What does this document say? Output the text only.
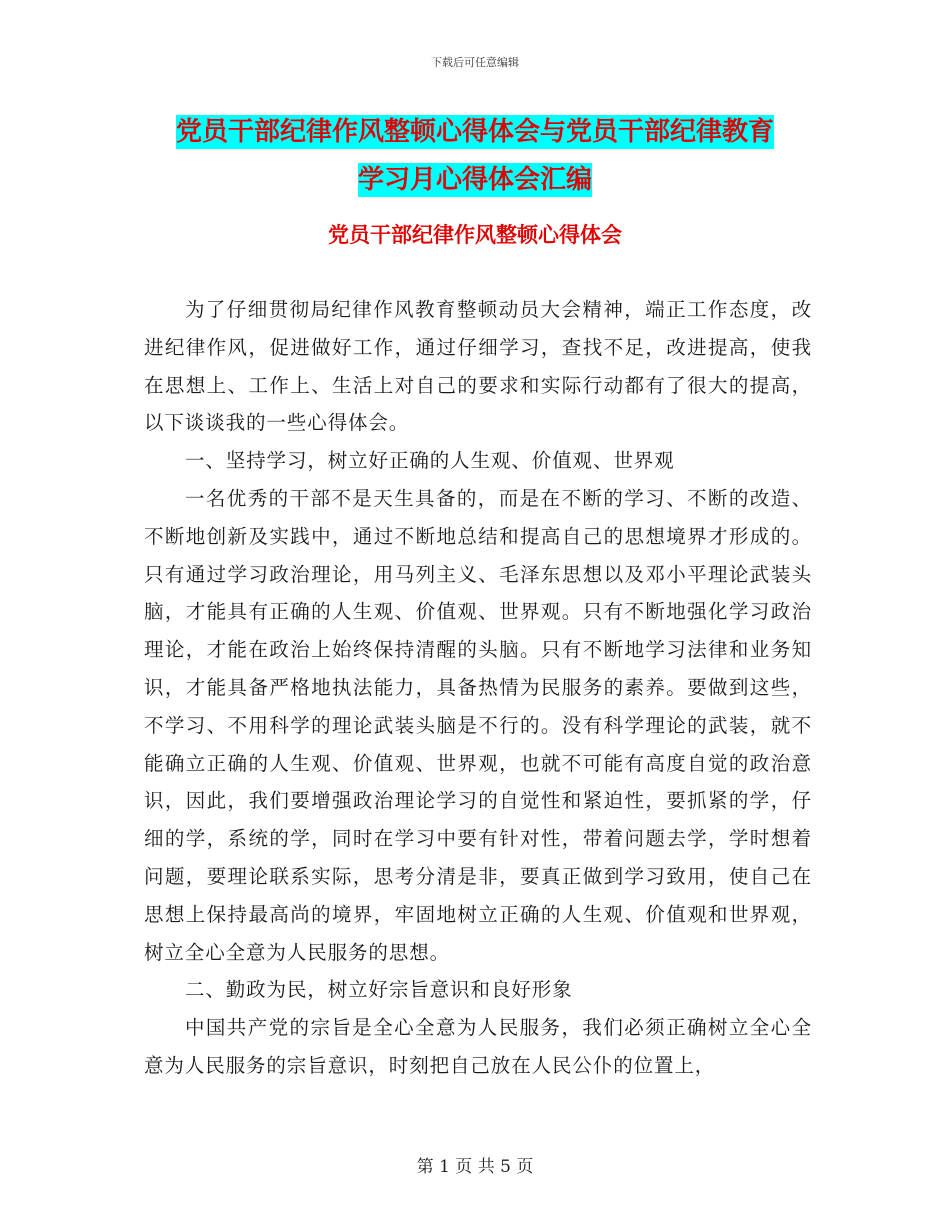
下载后可任意编辑
党员干部纪律作风整顿心得体会与党员干部纪律教育
学习月心得体会汇编
党员干部纪律作风整顿心得体会

为了仔细贯彻局纪律作风教育整顿动员大会精神，端正工作态度，改进纪律作风，促进做好工作，通过仔细学习，查找不足，改进提高，使我在思想上、工作上、生活上对自己的要求和实际行动都有了很大的提高，以下谈谈我的一些心得体会。

一、坚持学习，树立好正确的人生观、价值观、世界观

一名优秀的干部不是天生具备的，而是在不断的学习、不断的改造、不断地创新及实践中，通过不断地总结和提高自己的思想境界才形成的。只有通过学习政治理论，用马列主义、毛泽东思想以及邓小平理论武装头脑，才能具有正确的人生观、价值观、世界观。只有不断地强化学习政治理论，才能在政治上始终保持清醒的头脑。只有不断地学习法律和业务知识，才能具备严格地执法能力，具备热情为民服务的素养。要做到这些，不学习、不用科学的理论武装头脑是不行的。没有科学理论的武装，就不能确立正确的人生观、价值观、世界观，也就不可能有高度自觉的政治意识，因此，我们要增强政治理论学习的自觉性和紧迫性，要抓紧的学，仔细的学，系统的学，同时在学习中要有针对性，带着问题去学，学时想着问题，要理论联系实际，思考分清是非，要真正做到学习致用，使自己在思想上保持最高尚的境界，牢固地树立正确的人生观、价值观和世界观，树立全心全意为人民服务的思想。

二、勤政为民，树立好宗旨意识和良好形象

中国共产党的宗旨是全心全意为人民服务，我们必须正确树立全心全意为人民服务的宗旨意识，时刻把自己放在人民公仆的位置上，

第 1 页 共 5 页
